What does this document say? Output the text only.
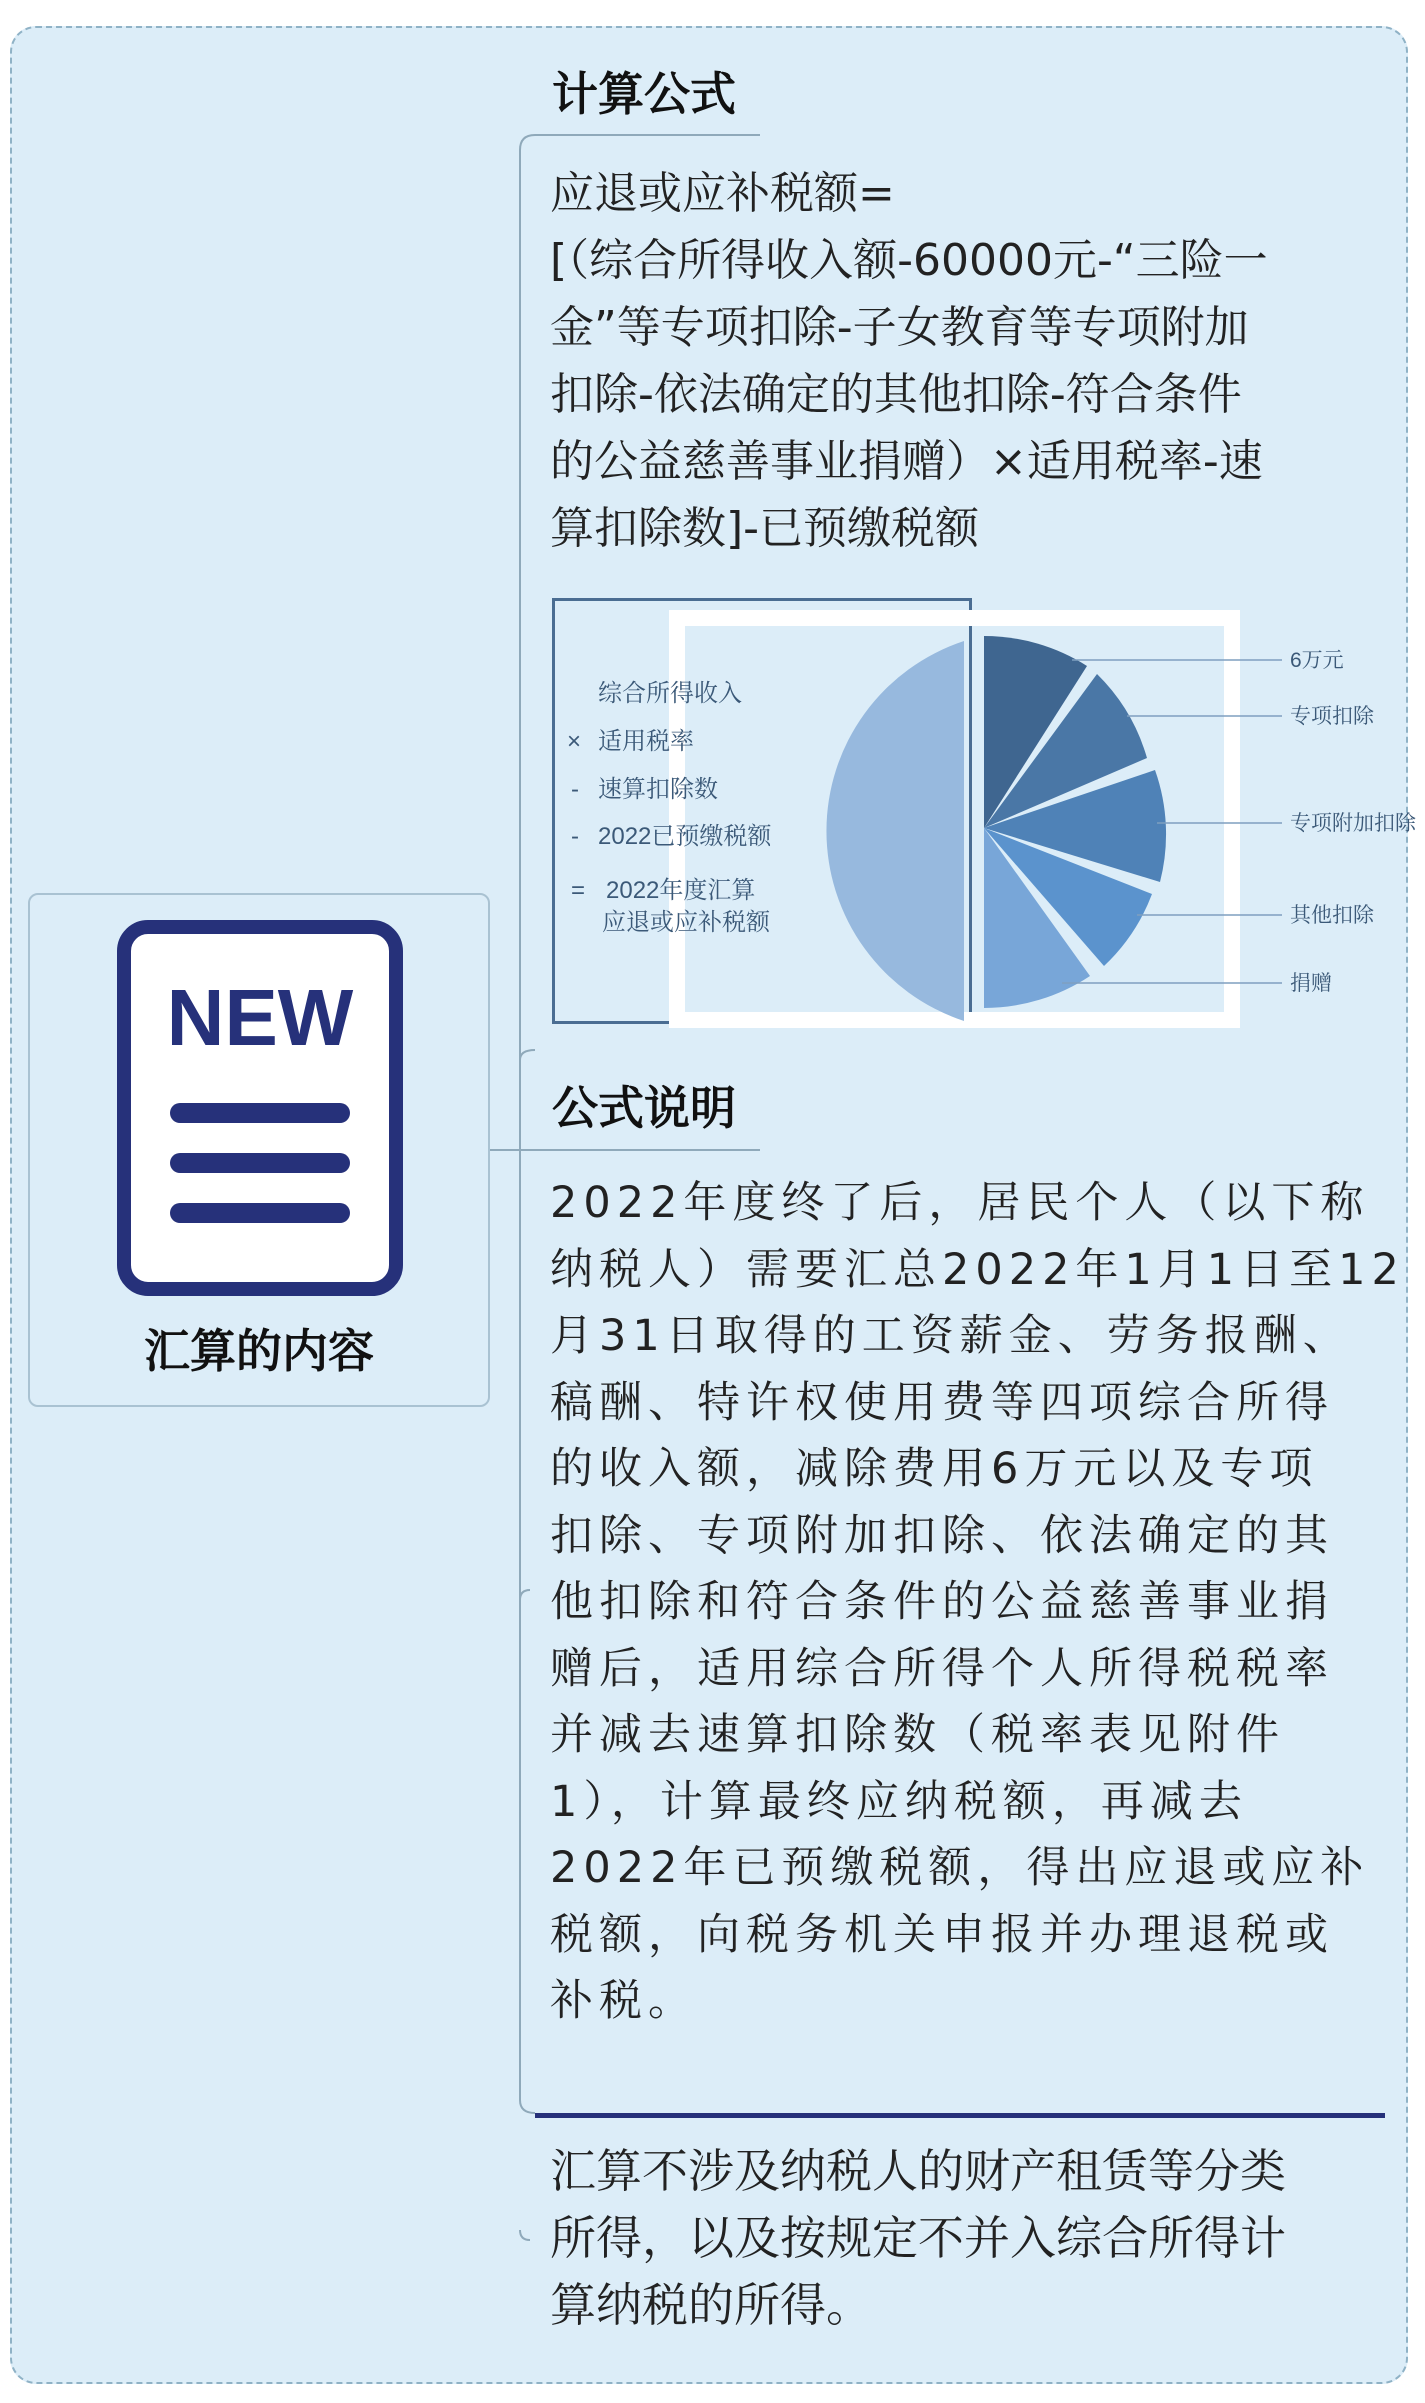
NEW
汇算的内容
计算公式
应退或应补税额=
[（综合所得收入额-60000元-“三险一
金”等专项扣除-子女教育等专项附加
扣除-依法确定的其他扣除-符合条件
的公益慈善事业捐赠）×适用税率-速
算扣除数]-已预缴税额
6万元
专项扣除
专项附加扣除
其他扣除
捐赠
综合所得收入
× 适用税率
- 速算扣除数
- 2022已预缴税额
= 2022年度汇算
应退或应补税额
公式说明
2022年度终了后，居民个人（以下称
纳税人）需要汇总2022年1月1日至12
月31日取得的工资薪金、劳务报酬、
稿酬、特许权使用费等四项综合所得
的收入额，减除费用6万元以及专项
扣除、专项附加扣除、依法确定的其
他扣除和符合条件的公益慈善事业捐
赠后，适用综合所得个人所得税税率
并减去速算扣除数（税率表见附件
1），计算最终应纳税额，再减去
2022年已预缴税额，得出应退或应补
税额，向税务机关申报并办理退税或
补税。
汇算不涉及纳税人的财产租赁等分类
所得，以及按规定不并入综合所得计
算纳税的所得。
